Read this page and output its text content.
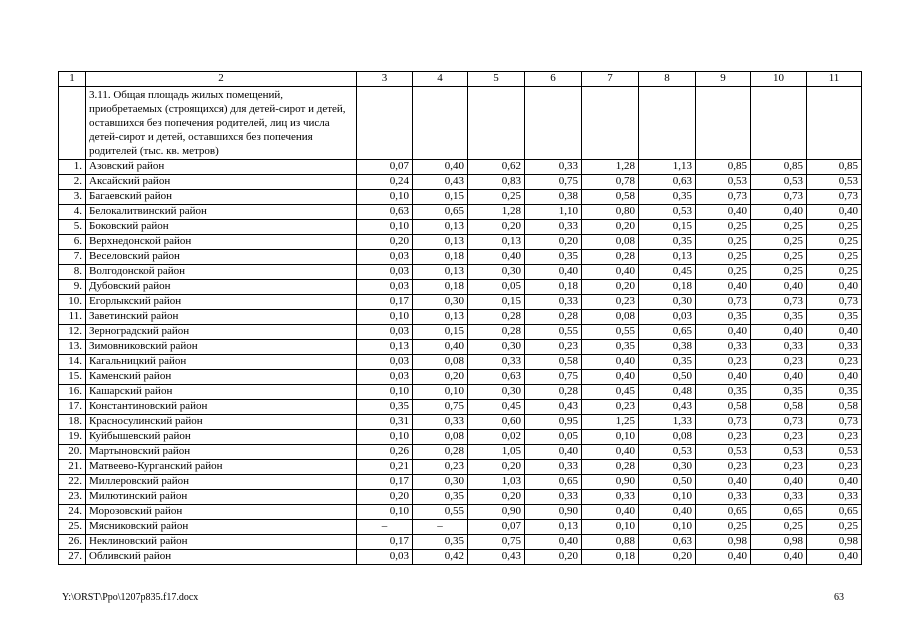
1	2	3	4	5	6	7	8	9	10	11
	3.11. Общая площадь жилых помещений, приобретаемых (строящихся) для детей-сирот и детей, оставшихся без попечения родителей, лиц из числа детей-сирот и детей, оставшихся без попечения родителей (тыс. кв. метров)									
1.	Азовский район	0,07	0,40	0,62	0,33	1,28	1,13	0,85	0,85	0,85
2.	Аксайский район	0,24	0,43	0,83	0,75	0,78	0,63	0,53	0,53	0,53
3.	Багаевский район	0,10	0,15	0,25	0,38	0,58	0,35	0,73	0,73	0,73
4.	Белокалитвинский район	0,63	0,65	1,28	1,10	0,80	0,53	0,40	0,40	0,40
5.	Боковский район	0,10	0,13	0,20	0,33	0,20	0,15	0,25	0,25	0,25
6.	Верхнедонской район	0,20	0,13	0,13	0,20	0,08	0,35	0,25	0,25	0,25
7.	Веселовский район	0,03	0,18	0,40	0,35	0,28	0,13	0,25	0,25	0,25
8.	Волгодонской район	0,03	0,13	0,30	0,40	0,40	0,45	0,25	0,25	0,25
9.	Дубовский район	0,03	0,18	0,05	0,18	0,20	0,18	0,40	0,40	0,40
10.	Егорлыкский район	0,17	0,30	0,15	0,33	0,23	0,30	0,73	0,73	0,73
11.	Заветинский район	0,10	0,13	0,28	0,28	0,08	0,03	0,35	0,35	0,35
12.	Зерноградский район	0,03	0,15	0,28	0,55	0,55	0,65	0,40	0,40	0,40
13.	Зимовниковский район	0,13	0,40	0,30	0,23	0,35	0,38	0,33	0,33	0,33
14.	Кагальницкий район	0,03	0,08	0,33	0,58	0,40	0,35	0,23	0,23	0,23
15.	Каменский район	0,03	0,20	0,63	0,75	0,40	0,50	0,40	0,40	0,40
16.	Кашарский район	0,10	0,10	0,30	0,28	0,45	0,48	0,35	0,35	0,35
17.	Константиновский район	0,35	0,75	0,45	0,43	0,23	0,43	0,58	0,58	0,58
18.	Красносулинский район	0,31	0,33	0,60	0,95	1,25	1,33	0,73	0,73	0,73
19.	Куйбышевский район	0,10	0,08	0,02	0,05	0,10	0,08	0,23	0,23	0,23
20.	Мартыновский район	0,26	0,28	1,05	0,40	0,40	0,53	0,53	0,53	0,53
21.	Матвеево-Курганский район	0,21	0,23	0,20	0,33	0,28	0,30	0,23	0,23	0,23
22.	Миллеровский район	0,17	0,30	1,03	0,65	0,90	0,50	0,40	0,40	0,40
23.	Милютинский район	0,20	0,35	0,20	0,33	0,33	0,10	0,33	0,33	0,33
24.	Морозовский район	0,10	0,55	0,90	0,90	0,40	0,40	0,65	0,65	0,65
25.	Мясниковский район	–	–	0,07	0,13	0,10	0,10	0,25	0,25	0,25
26.	Неклиновский район	0,17	0,35	0,75	0,40	0,88	0,63	0,98	0,98	0,98
27.	Обливский район	0,03	0,42	0,43	0,20	0,18	0,20	0,40	0,40	0,40
Y:\ORST\Ppo\1207p835.f17.docx	63
